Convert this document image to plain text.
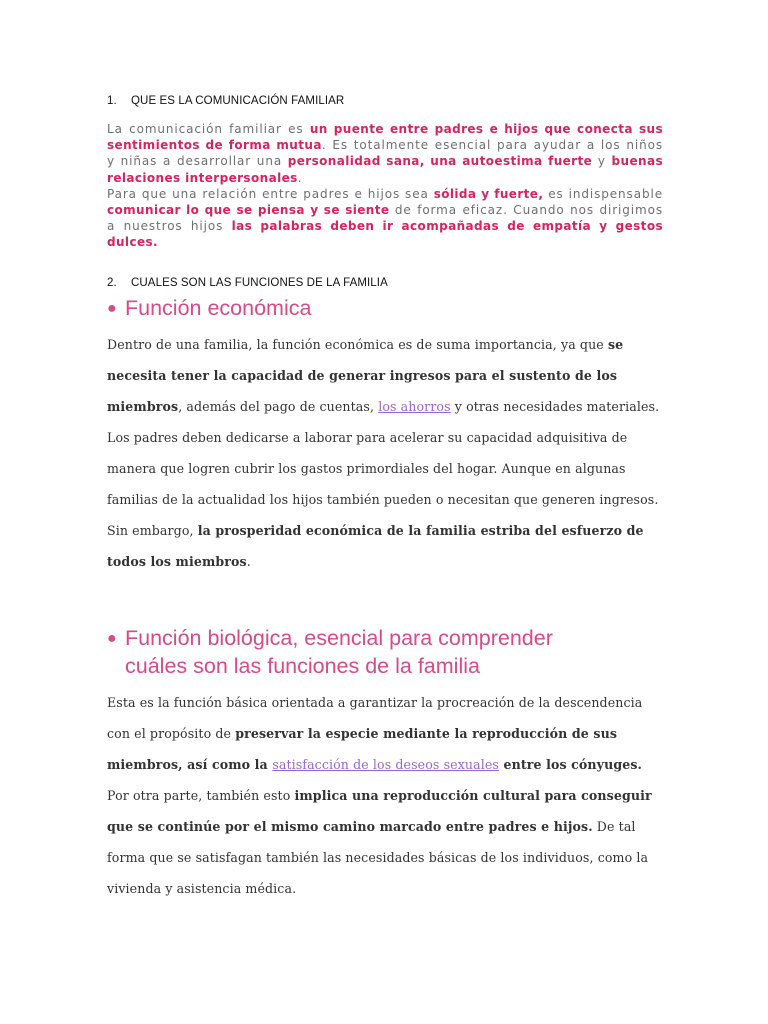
1. QUE ES LA COMUNICACIÓN FAMILIAR

La comunicación familiar es un puente entre padres e hijos que conecta sus sentimientos de forma mutua. Es totalmente esencial para ayudar a los niños y niñas a desarrollar una personalidad sana, una autoestima fuerte y buenas relaciones interpersonales.

Para que una relación entre padres e hijos sea sólida y fuerte, es indispensable comunicar lo que se piensa y se siente de forma eficaz. Cuando nos dirigimos a nuestros hijos las palabras deben ir acompañadas de empatía y gestos dulces.

2. CUALES SON LAS FUNCIONES DE LA FAMILIA
● Función económica

Dentro de una familia, la función económica es de suma importancia, ya que se necesita tener la capacidad de generar ingresos para el sustento de los miembros, además del pago de cuentas, los ahorros y otras necesidades materiales.

Los padres deben dedicarse a laborar para acelerar su capacidad adquisitiva de manera que logren cubrir los gastos primordiales del hogar. Aunque en algunas familias de la actualidad los hijos también pueden o necesitan que generen ingresos. Sin embargo, la prosperidad económica de la familia estriba del esfuerzo de todos los miembros.

● Función biológica, esencial para comprender
cuáles son las funciones de la familia

Esta es la función básica orientada a garantizar la procreación de la descendencia con el propósito de preservar la especie mediante la reproducción de sus miembros, así como la satisfacción de los deseos sexuales entre los cónyuges.

Por otra parte, también esto implica una reproducción cultural para conseguir que se continúe por el mismo camino marcado entre padres e hijos. De tal forma que se satisfagan también las necesidades básicas de los individuos, como la vivienda y asistencia médica.
